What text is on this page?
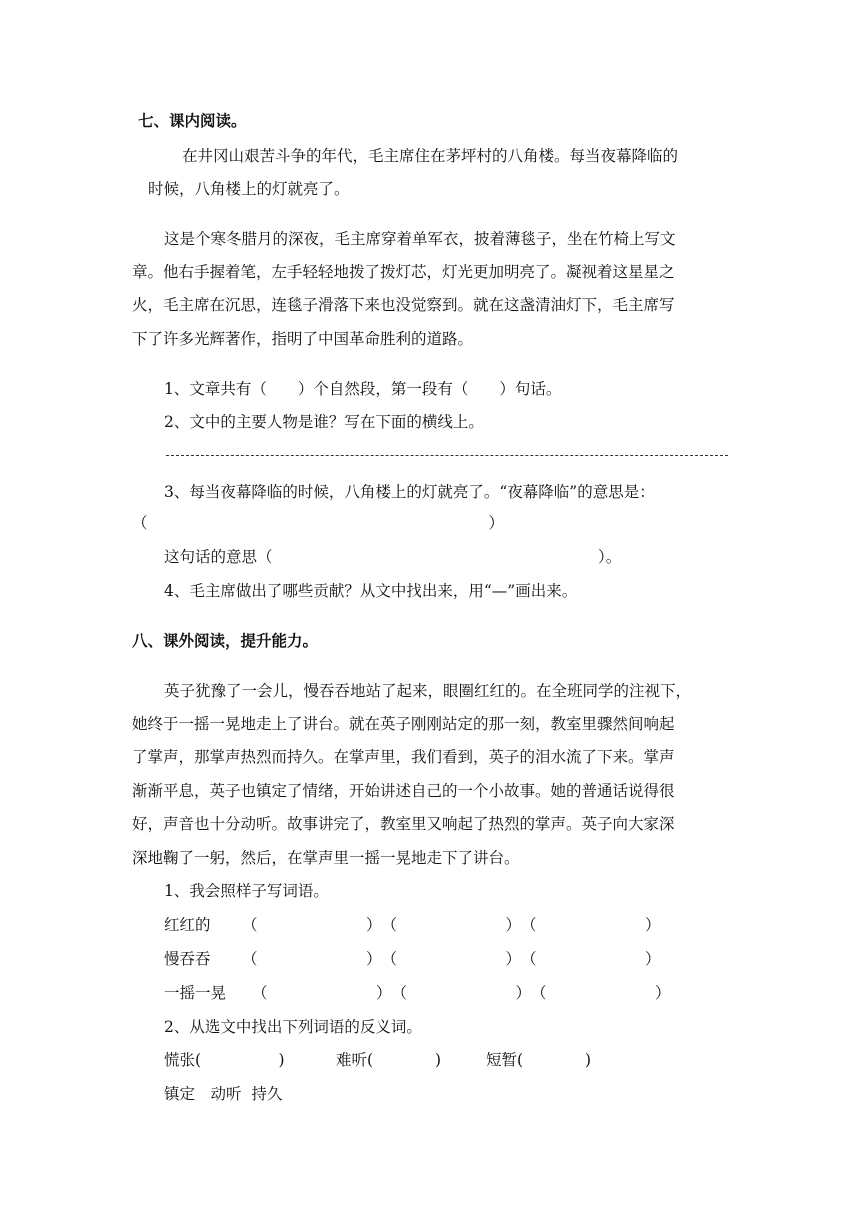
七、课内阅读。
在井冈山艰苦斗争的年代，毛主席住在茅坪村的八角楼。每当夜幕降临的
时候，八角楼上的灯就亮了。
这是个寒冬腊月的深夜，毛主席穿着单军衣，披着薄毯子，坐在竹椅上写文
章。他右手握着笔，左手轻轻地拨了拨灯芯，灯光更加明亮了。凝视着这星星之
火，毛主席在沉思，连毯子滑落下来也没觉察到。就在这盏清油灯下，毛主席写
下了许多光辉著作，指明了中国革命胜利的道路。
1、文章共有（　　）个自然段，第一段有（　　）句话。
2、文中的主要人物是谁？写在下面的横线上。
3、每当夜幕降临的时候，八角楼上的灯就亮了。“夜幕降临”的意思是：
（　　　　　　　　　　　　　　　　　　　　　　）
这句话的意思（　　　　　　　　　　　　　　　　　　　　　）。
4、毛主席做出了哪些贡献？从文中找出来，用“—”画出来。
八、课外阅读，提升能力。
英子犹豫了一会儿，慢吞吞地站了起来，眼圈红红的。在全班同学的注视下，
她终于一摇一晃地走上了讲台。就在英子刚刚站定的那一刻，教室里骤然间响起
了掌声，那掌声热烈而持久。在掌声里，我们看到，英子的泪水流了下来。掌声
渐渐平息，英子也镇定了情绪，开始讲述自己的一个小故事。她的普通话说得很
好，声音也十分动听。故事讲完了，教室里又响起了热烈的掌声。英子向大家深
深地鞠了一躬，然后，在掌声里一摇一晃地走下了讲台。
1、我会照样子写词语。
红红的 （　　　　　　　）　（　　　　　　　）　（　　　　　　　）
慢吞吞 （　　　　　　　）　（　　　　　　　）　（　　　　　　　）
一摇一晃 （　　　　　　　）　（　　　　　　　）　（　　　　　　　）
2、从选文中找出下列词语的反义词。
慌张(　　　　　)	难听(　　　　)	短暂(　　　　)
镇定　动听  持久
